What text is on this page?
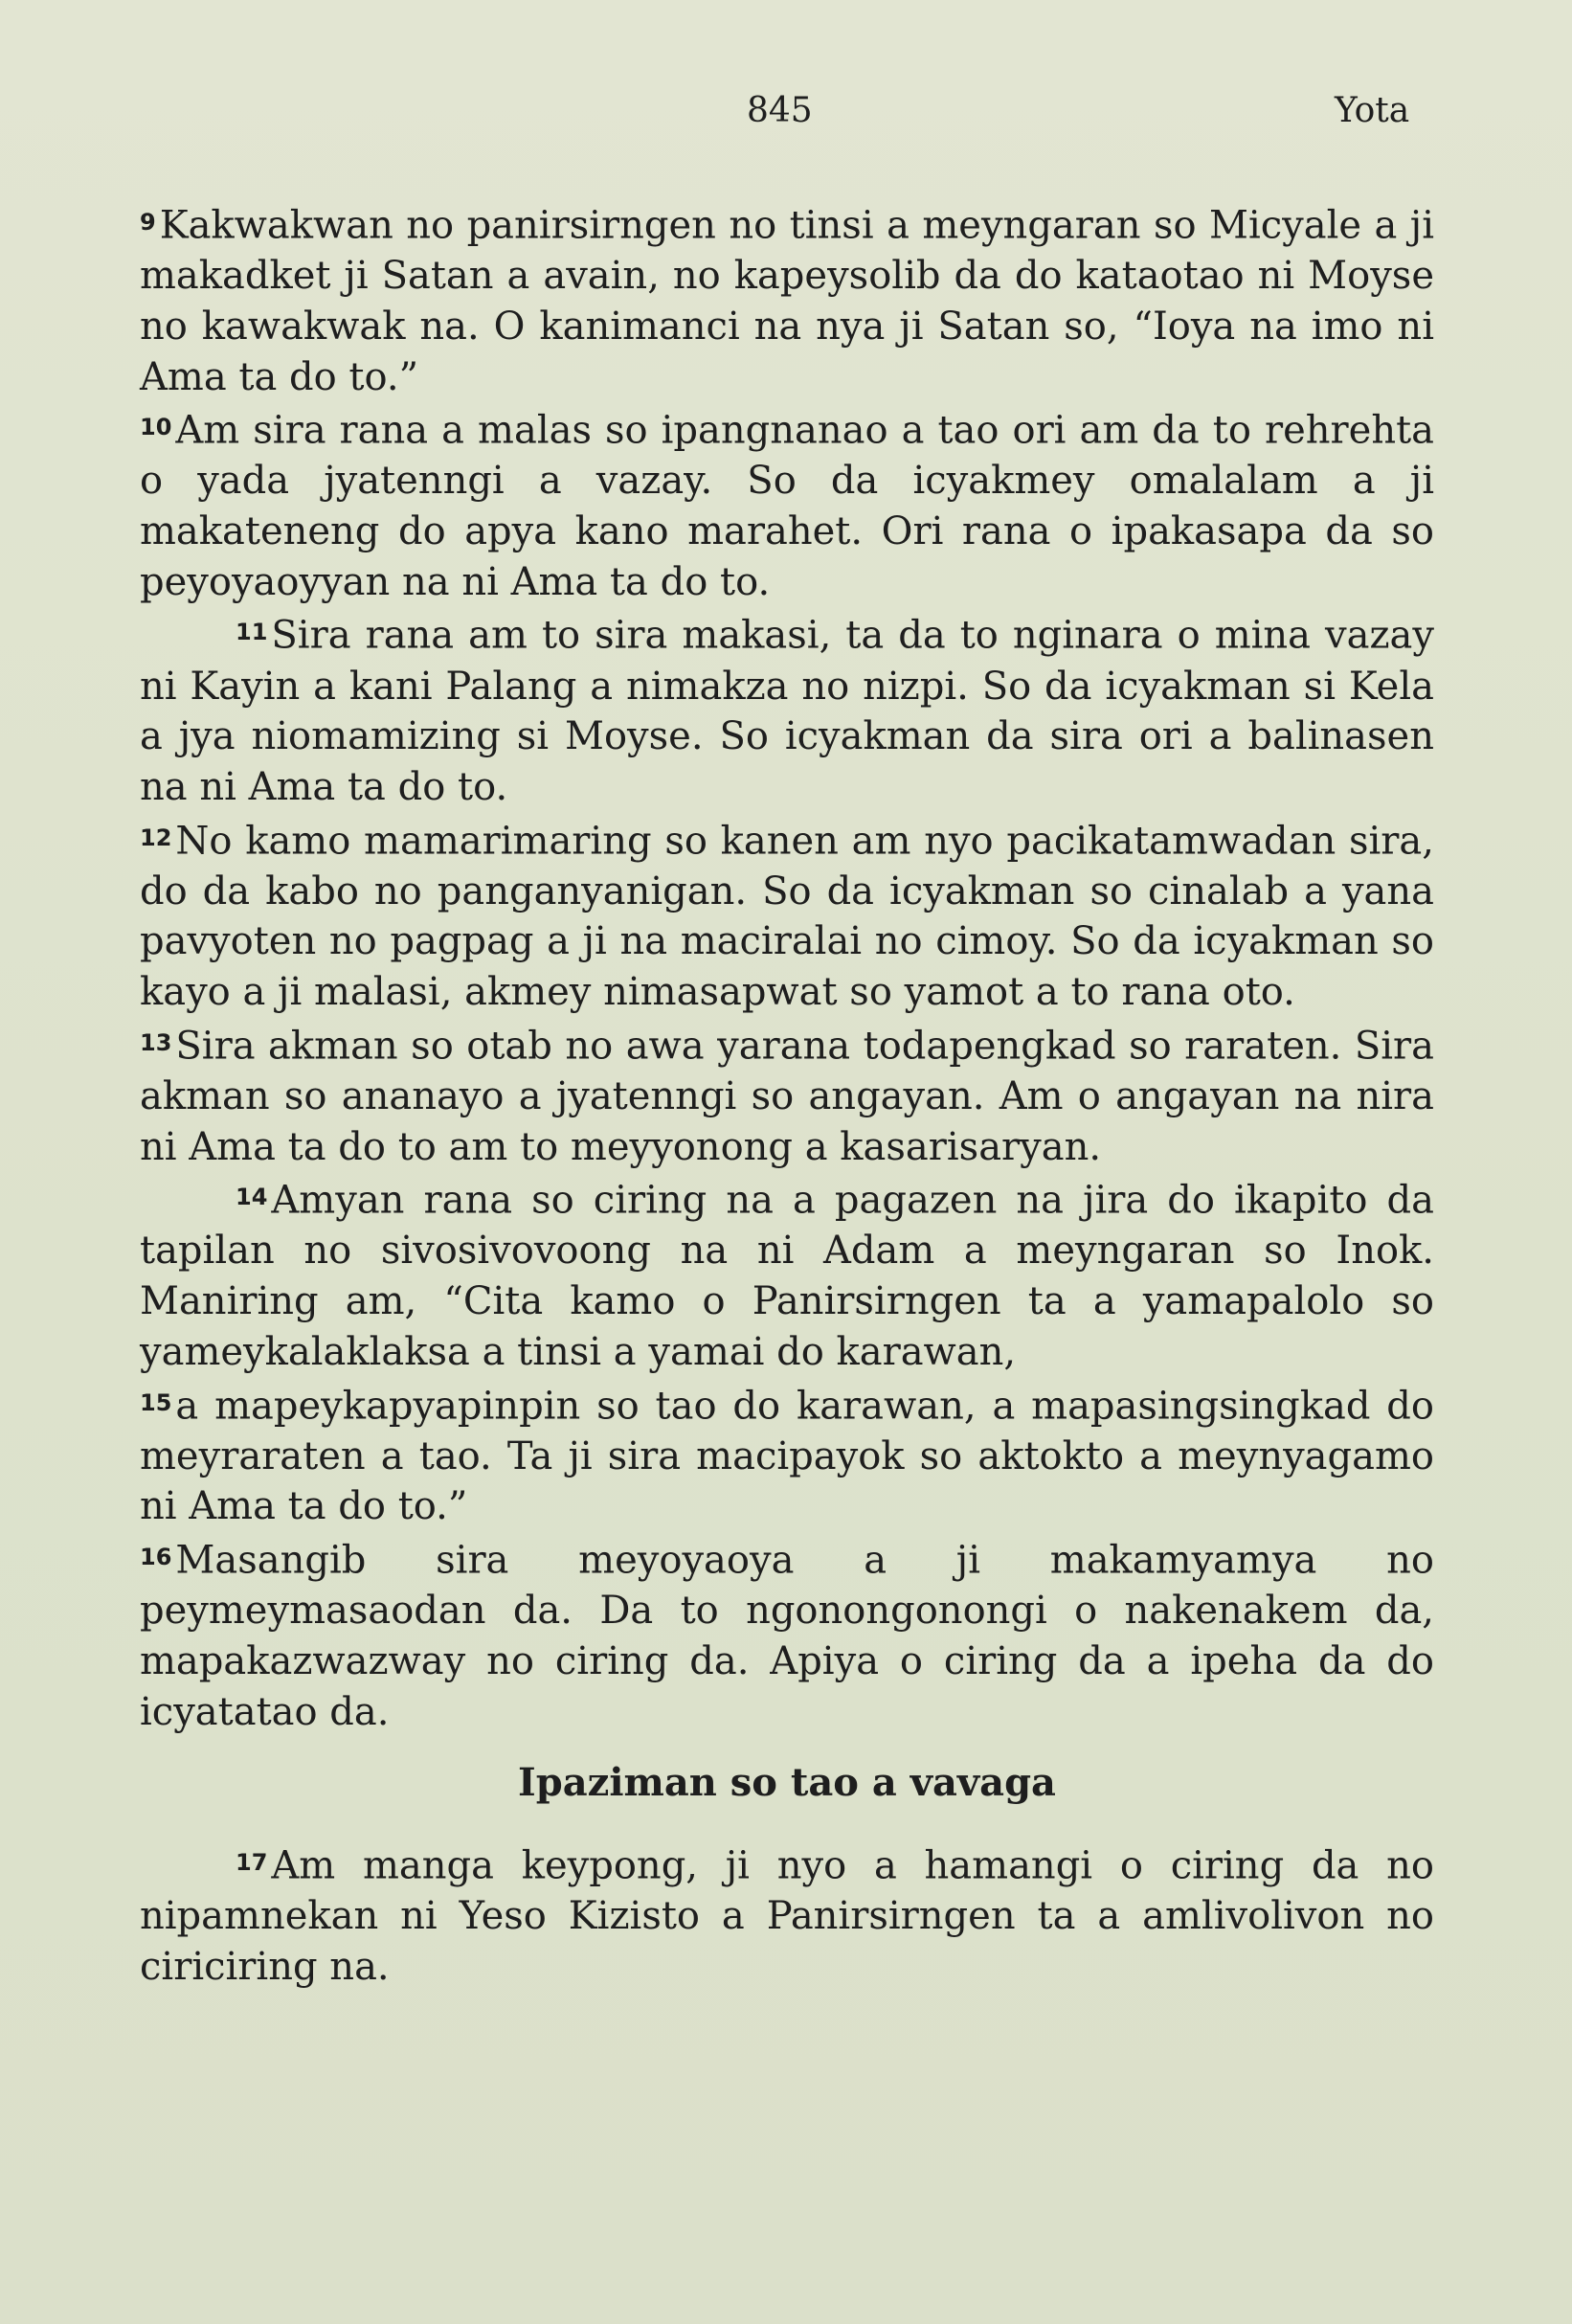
845	Yota

$^9$ Kakwakwan no panirsirngen no tinsi a meyngaran so Micyale a ji makadket ji Satan a avain, no kapeysolib da do kataotao ni Moyse no kawakwak na. O kanimanci na nya ji Satan so, “Ioya na imo ni Ama ta do to.”

$^{10}$ Am sira rana a malas so ipangnanao a tao ori am da to rehrehta o yada jyatenngi a vazay. So da icyakmey omalalam a ji makateneng do apya kano marahet. Ori rana o ipakasapa da so peyoyaoyyan na ni Ama ta do to.

$^{11}$ Sira rana am to sira makasi, ta da to nginara o mina vazay ni Kayin a kani Palang a nimakza no nizpi. So da icyakman si Kela a jya niomamizing si Moyse. So icyakman da sira ori a balinasen na ni Ama ta do to.

$^{12}$ No kamo mamarimaring so kanen am nyo pacikatamwadan sira, do da kabo no panganyanigan. So da icyakman so cinalab a yana pavyoten no pagpag a ji na maciralai no cimoy. So da icyakman so kayo a ji malasi, akmey nimasapwat so yamot a to rana oto.

$^{13}$ Sira akman so otab no awa yarana todapengkad so raraten. Sira akman so ananayo a jyatenngi so angayan. Am o angayan na nira ni Ama ta do to am to meyyonong a kasarisaryan.

$^{14}$ Amyan rana so ciring na a pagazen na jira do ikapito da tapilan no sivosivovoong na ni Adam a meyngaran so Inok. Maniring am, “Cita kamo o Panirsirngen ta a yamapalolo so yameykalaklaksa a tinsi a yamai do karawan,

$^{15}$ a mapeykapyapinpin so tao do karawan, a mapasingsingkad do meyraraten a tao. Ta ji sira macipayok so aktokto a meynyagamo ni Ama ta do to.”

$^{16}$ Masangib sira meyoyaoya a ji makamyamya no peymeymasaodan da. Da to ngonongonongi o nakenakem da, mapakazwazway no ciring da. Apiya o ciring da a ipeha da do icyatatao da.

Ipaziman so tao a vavaga

$^{17}$ Am manga keypong, ji nyo a hamangi o ciring da no nipamnekan ni Yeso Kizisto a Panirsirngen ta a amlivolivon no ciriciring na.
